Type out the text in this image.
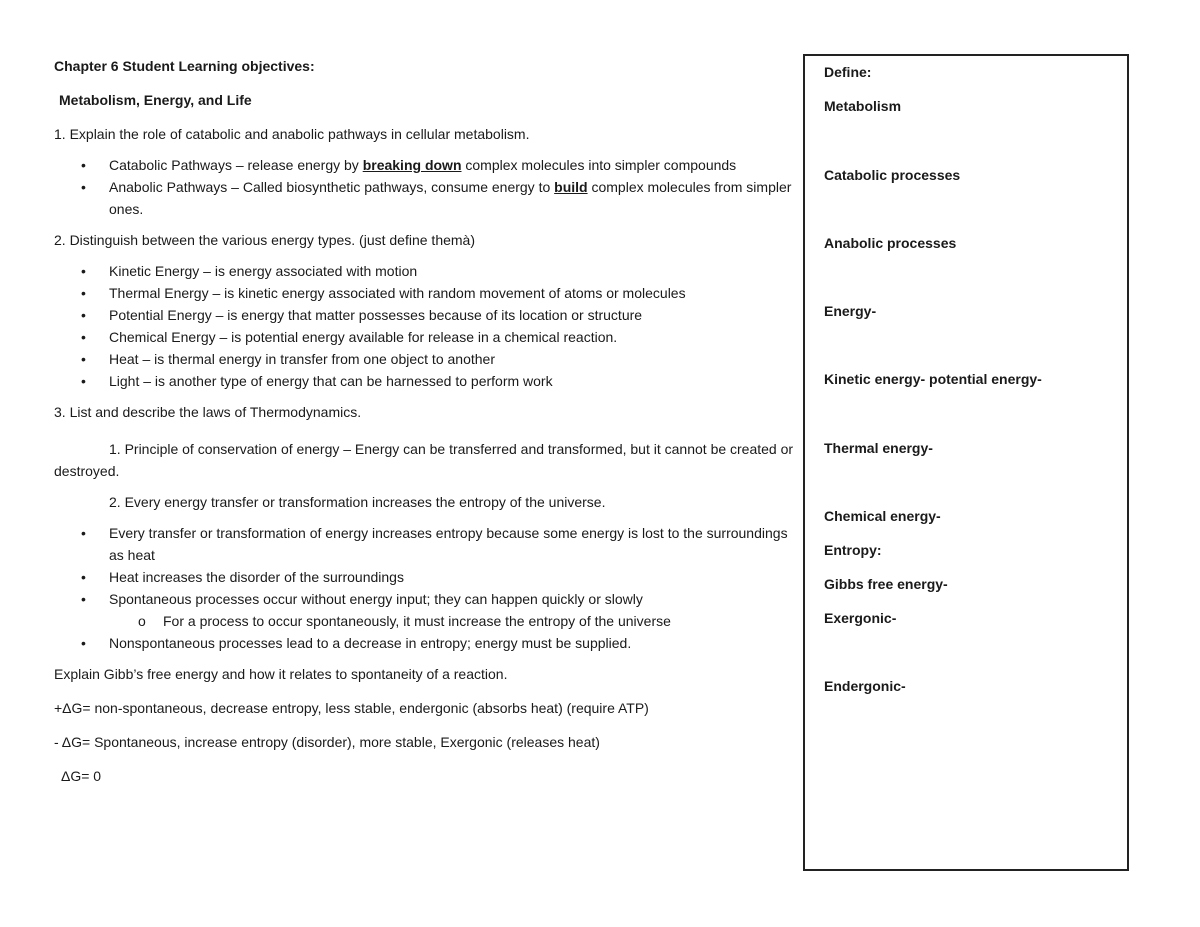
Chapter 6 Student Learning objectives:

Metabolism, Energy, and Life

1. Explain the role of catabolic and anabolic pathways in cellular metabolism.

• Catabolic Pathways – release energy by breaking down complex molecules into simpler compounds
• Anabolic Pathways – Called biosynthetic pathways, consume energy to build complex molecules from simpler ones.

2. Distinguish between the various energy types. (just define themà)

• Kinetic Energy – is energy associated with motion
• Thermal Energy – is kinetic energy associated with random movement of atoms or molecules
• Potential Energy – is energy that matter possesses because of its location or structure
• Chemical Energy – is potential energy available for release in a chemical reaction.
• Heat – is thermal energy in transfer from one object to another
• Light – is another type of energy that can be harnessed to perform work

3. List and describe the laws of Thermodynamics.

1. Principle of conservation of energy – Energy can be transferred and transformed, but it cannot be created or destroyed.

2. Every energy transfer or transformation increases the entropy of the universe.

• Every transfer or transformation of energy increases entropy because some energy is lost to the surroundings as heat
• Heat increases the disorder of the surroundings
• Spontaneous processes occur without energy input; they can happen quickly or slowly
o For a process to occur spontaneously, it must increase the entropy of the universe
• Nonspontaneous processes lead to a decrease in entropy; energy must be supplied.

Explain Gibb’s free energy and how it relates to spontaneity of a reaction.

+ΔG= non-spontaneous, decrease entropy, less stable, endergonic (absorbs heat) (require ATP)

- ΔG= Spontaneous, increase entropy (disorder), more stable, Exergonic (releases heat)

ΔG= 0

Define:
Metabolism
Catabolic processes
Anabolic processes
Energy-
Kinetic energy- potential energy-
Thermal energy-
Chemical energy-
Entropy:
Gibbs free energy-
Exergonic-
Endergonic-
